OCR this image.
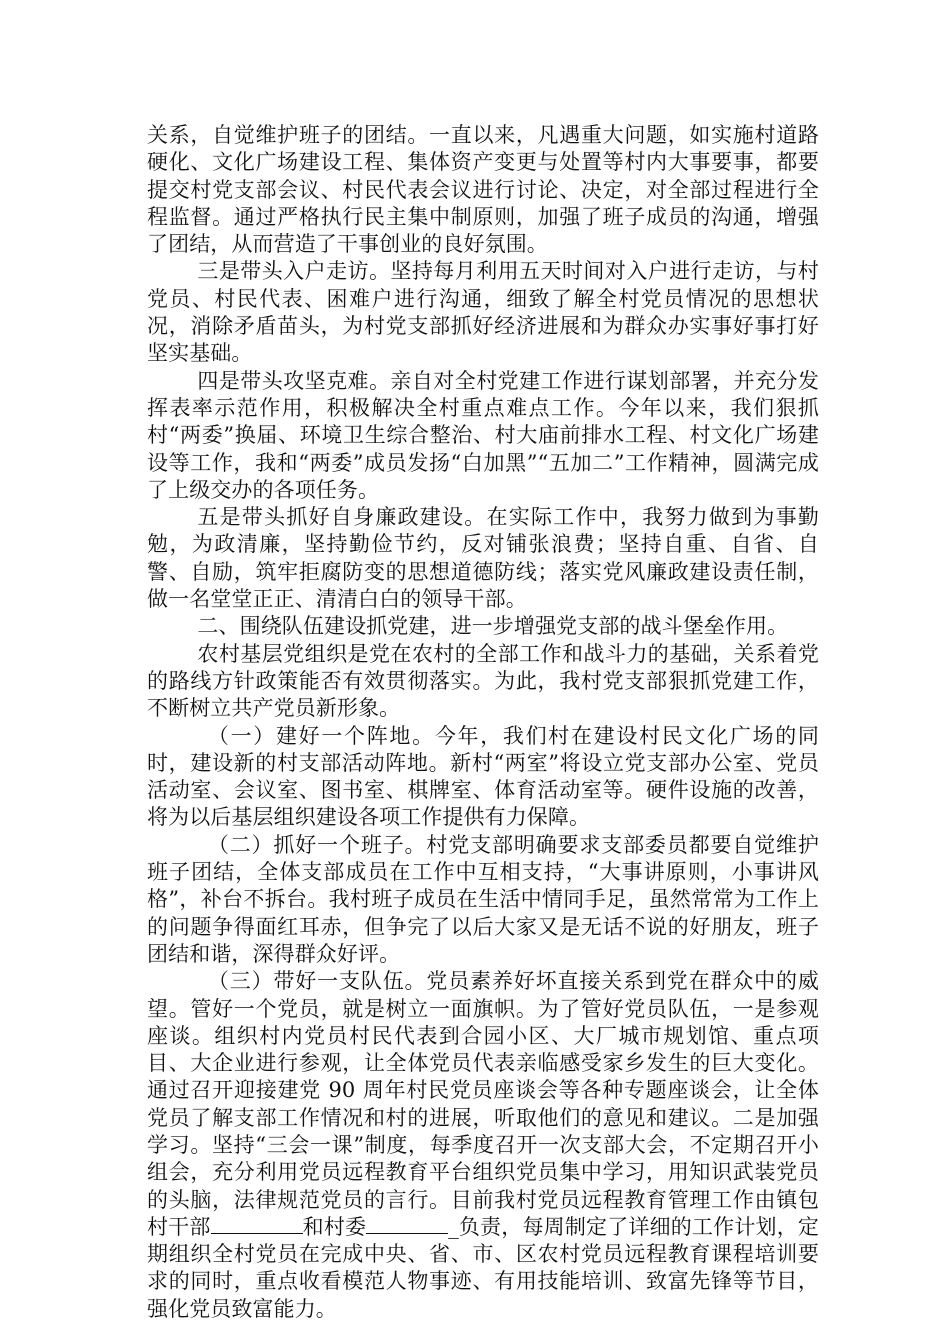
关系，自觉维护班子的团结。一直以来，凡遇重大问题，如实施村道路硬化、文化广场建设工程、集体资产变更与处置等村内大事要事，都要提交村党支部会议、村民代表会议进行讨论、决定，对全部过程进行全程监督。通过严格执行民主集中制原则，加强了班子成员的沟通，增强了团结，从而营造了干事创业的良好氛围。

三是带头入户走访。坚持每月利用五天时间对入户进行走访，与村党员、村民代表、困难户进行沟通，细致了解全村党员情况的思想状况，消除矛盾苗头，为村党支部抓好经济进展和为群众办实事好事打好坚实基础。

四是带头攻坚克难。亲自对全村党建工作进行谋划部署，并充分发挥表率示范作用，积极解决全村重点难点工作。今年以来，我们狠抓村“两委”换届、环境卫生综合整治、村大庙前排水工程、村文化广场建设等工作，我和“两委”成员发扬“白加黑”“五加二”工作精神，圆满完成了上级交办的各项任务。

五是带头抓好自身廉政建设。在实际工作中，我努力做到为事勤勉，为政清廉，坚持勤俭节约，反对铺张浪费；坚持自重、自省、自警、自励，筑牢拒腐防变的思想道德防线；落实党风廉政建设责任制，做一名堂堂正正、清清白白的领导干部。

二、围绕队伍建设抓党建，进一步增强党支部的战斗堡垒作用。

农村基层党组织是党在农村的全部工作和战斗力的基础，关系着党的路线方针政策能否有效贯彻落实。为此，我村党支部狠抓党建工作，不断树立共产党员新形象。

（一）建好一个阵地。今年，我们村在建设村民文化广场的同时，建设新的村支部活动阵地。新村“两室”将设立党支部办公室、党员活动室、会议室、图书室、棋牌室、体育活动室等。硬件设施的改善，将为以后基层组织建设各项工作提供有力保障。

（二）抓好一个班子。村党支部明确要求支部委员都要自觉维护班子团结，全体支部成员在工作中互相支持，“大事讲原则，小事讲风格”，补台不拆台。我村班子成员在生活中情同手足，虽然常常为工作上的问题争得面红耳赤，但争完了以后大家又是无话不说的好朋友，班子团结和谐，深得群众好评。

（三）带好一支队伍。党员素养好坏直接关系到党在群众中的威望。管好一个党员，就是树立一面旗帜。为了管好党员队伍，一是参观座谈。组织村内党员村民代表到合园小区、大厂城市规划馆、重点项目、大企业进行参观，让全体党员代表亲临感受家乡发生的巨大变化。通过召开迎接建党 90 周年村民党员座谈会等各种专题座谈会，让全体党员了解支部工作情况和村的进展，听取他们的意见和建议。二是加强学习。坚持“三会一课”制度，每季度召开一次支部大会，不定期召开小组会，充分利用党员远程教育平台组织党员集中学习，用知识武装党员的头脑，法律规范党员的言行。目前我村党员远程教育管理工作由镇包村干部	和村委	_负责，每周制定了详细的工作计划，定期组织全村党员在完成中央、省、市、区农村党员远程教育课程培训要求的同时，重点收看模范人物事迹、有用技能培训、致富先锋等节目，强化党员致富能力。
